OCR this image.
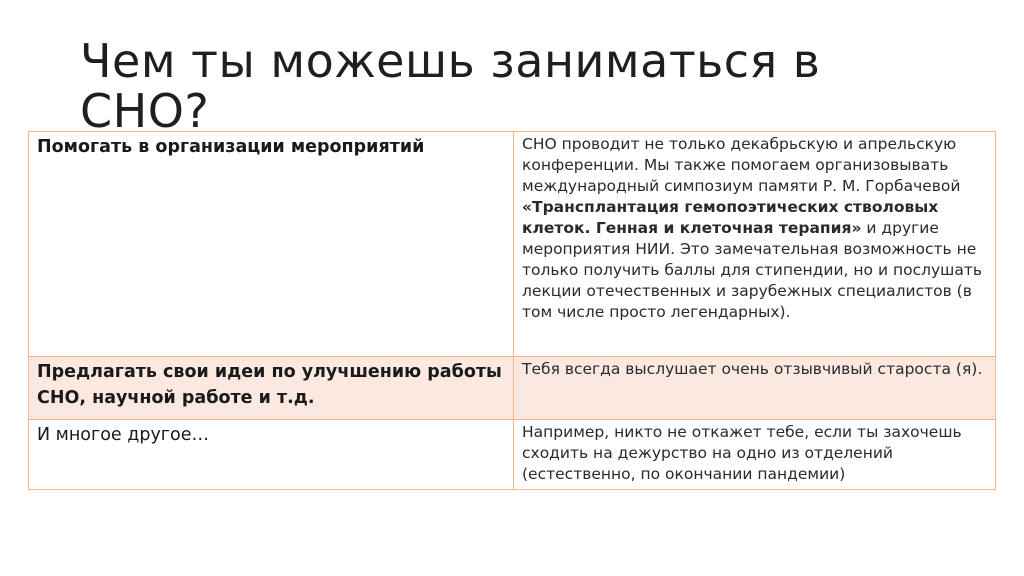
Чем ты можешь заниматься в СНО?
Помогать в организации мероприятий	СНО проводит не только декабрьскую и апрельскую конференции. Мы также помогаем организовывать международный симпозиум памяти Р. М. Горбачевой «Трансплантация гемопоэтических стволовых клеток. Генная и клеточная терапия» и другие мероприятия НИИ. Это замечательная возможность не только получить баллы для стипендии, но и послушать лекции отечественных и зарубежных специалистов (в том числе просто легендарных).
Предлагать свои идеи по улучшению работы СНО, научной работе и т.д.	Тебя всегда выслушает очень отзывчивый староста (я).
И многое другое…	Например, никто не откажет тебе, если ты захочешь сходить на дежурство на одно из отделений (естественно, по окончании пандемии)
